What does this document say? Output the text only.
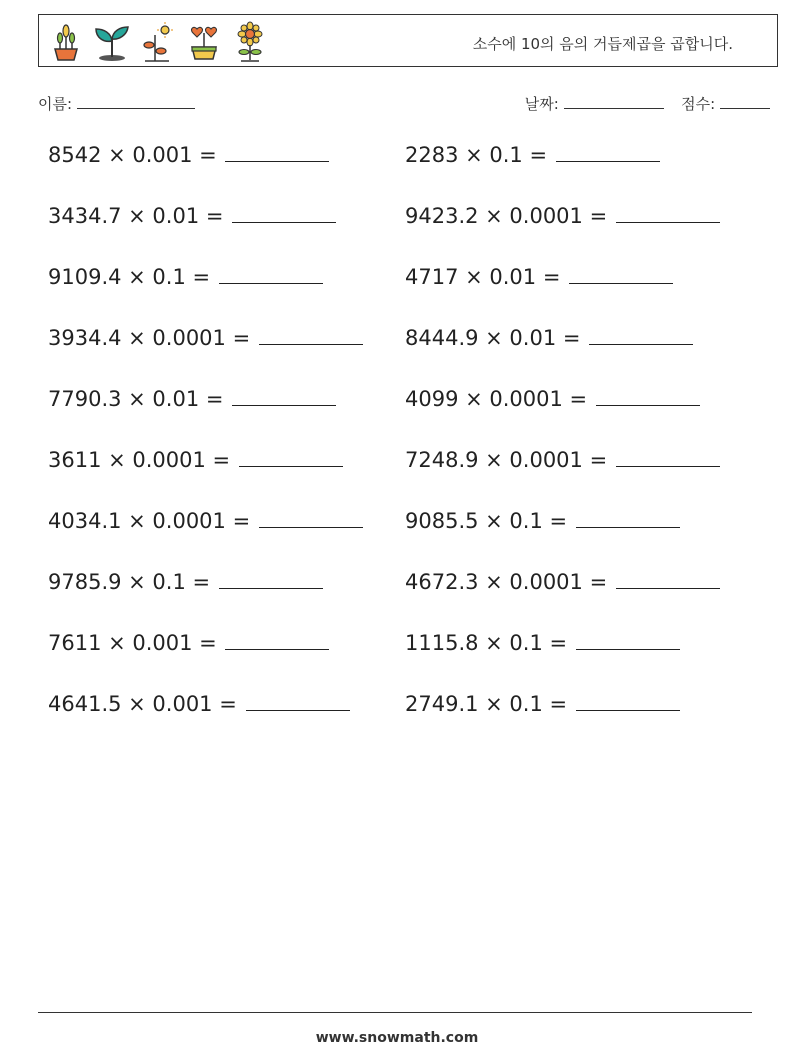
소수에 10의 음의 거듭제곱을 곱합니다.
이름:	날짜:	점수:
8542 × 0.001 =	2283 × 0.1 =
3434.7 × 0.01 =	9423.2 × 0.0001 =
9109.4 × 0.1 =	4717 × 0.01 =
3934.4 × 0.0001 =	8444.9 × 0.01 =
7790.3 × 0.01 =	4099 × 0.0001 =
3611 × 0.0001 =	7248.9 × 0.0001 =
4034.1 × 0.0001 =	9085.5 × 0.1 =
9785.9 × 0.1 =	4672.3 × 0.0001 =
7611 × 0.001 =	1115.8 × 0.1 =
4641.5 × 0.001 =	2749.1 × 0.1 =
www.snowmath.com
